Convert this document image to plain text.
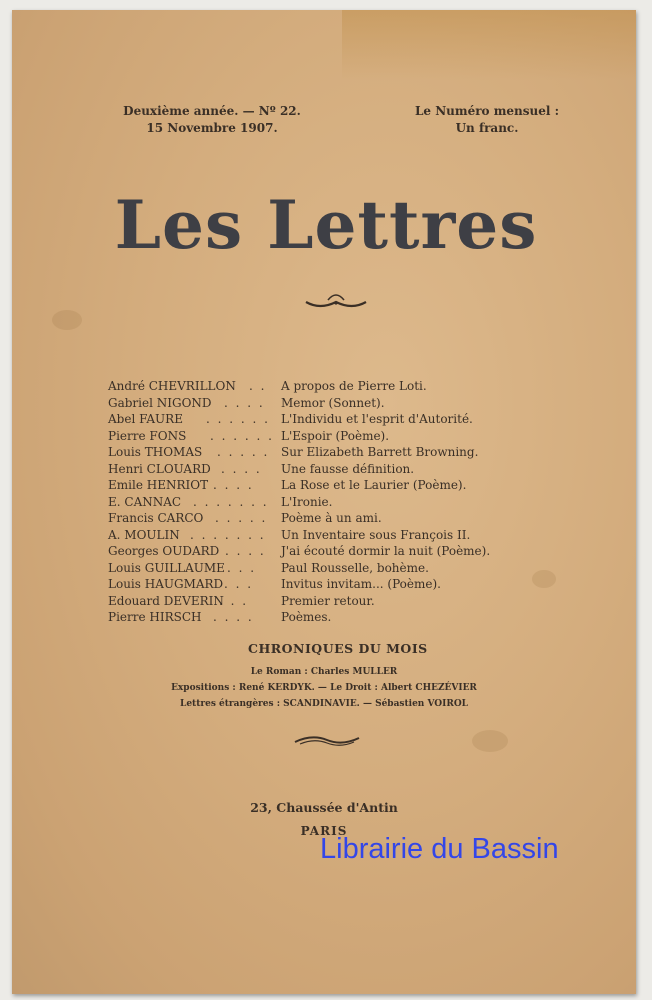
Deuxième année. — Nº 22.
15 Novembre 1907.
Le Numéro mensuel :
Un franc.
Les Lettres
André CHEVRILLON . . A propos de Pierre Loti.
Gabriel NIGOND . . . . Memor (Sonnet).
Abel FAURE . . . . . . L'Individu et l'esprit d'Autorité.
Pierre FONS . . . . . . L'Espoir (Poème).
Louis THOMAS . . . . . Sur Elizabeth Barrett Browning.
Henri CLOUARD . . . . Une fausse définition.
Emile HENRIOT . . . . La Rose et le Laurier (Poème).
E. CANNAC . . . . . . . L'Ironie.
Francis CARCO . . . . . Poème à un ami.
A. MOULIN . . . . . . . Un Inventaire sous François II.
Georges OUDARD . . . . J'ai écouté dormir la nuit (Poème).
Louis GUILLAUME . . . Paul Rousselle, bohème.
Louis HAUGMARD . . . Invitus invitam... (Poème).
Edouard DEVERIN
. . .	Premier retour.
Pierre HIRSCH . . . . Poèmes.
CHRONIQUES DU MOIS
Le Roman : Charles MULLER
Expositions : René KERDYK. — Le Droit : Albert CHEZÉVIER
Lettres étrangères : SCANDINAVIE. — Sébastien VOIROL
23, Chaussée d'Antin
PARIS
Librairie du Bassin
